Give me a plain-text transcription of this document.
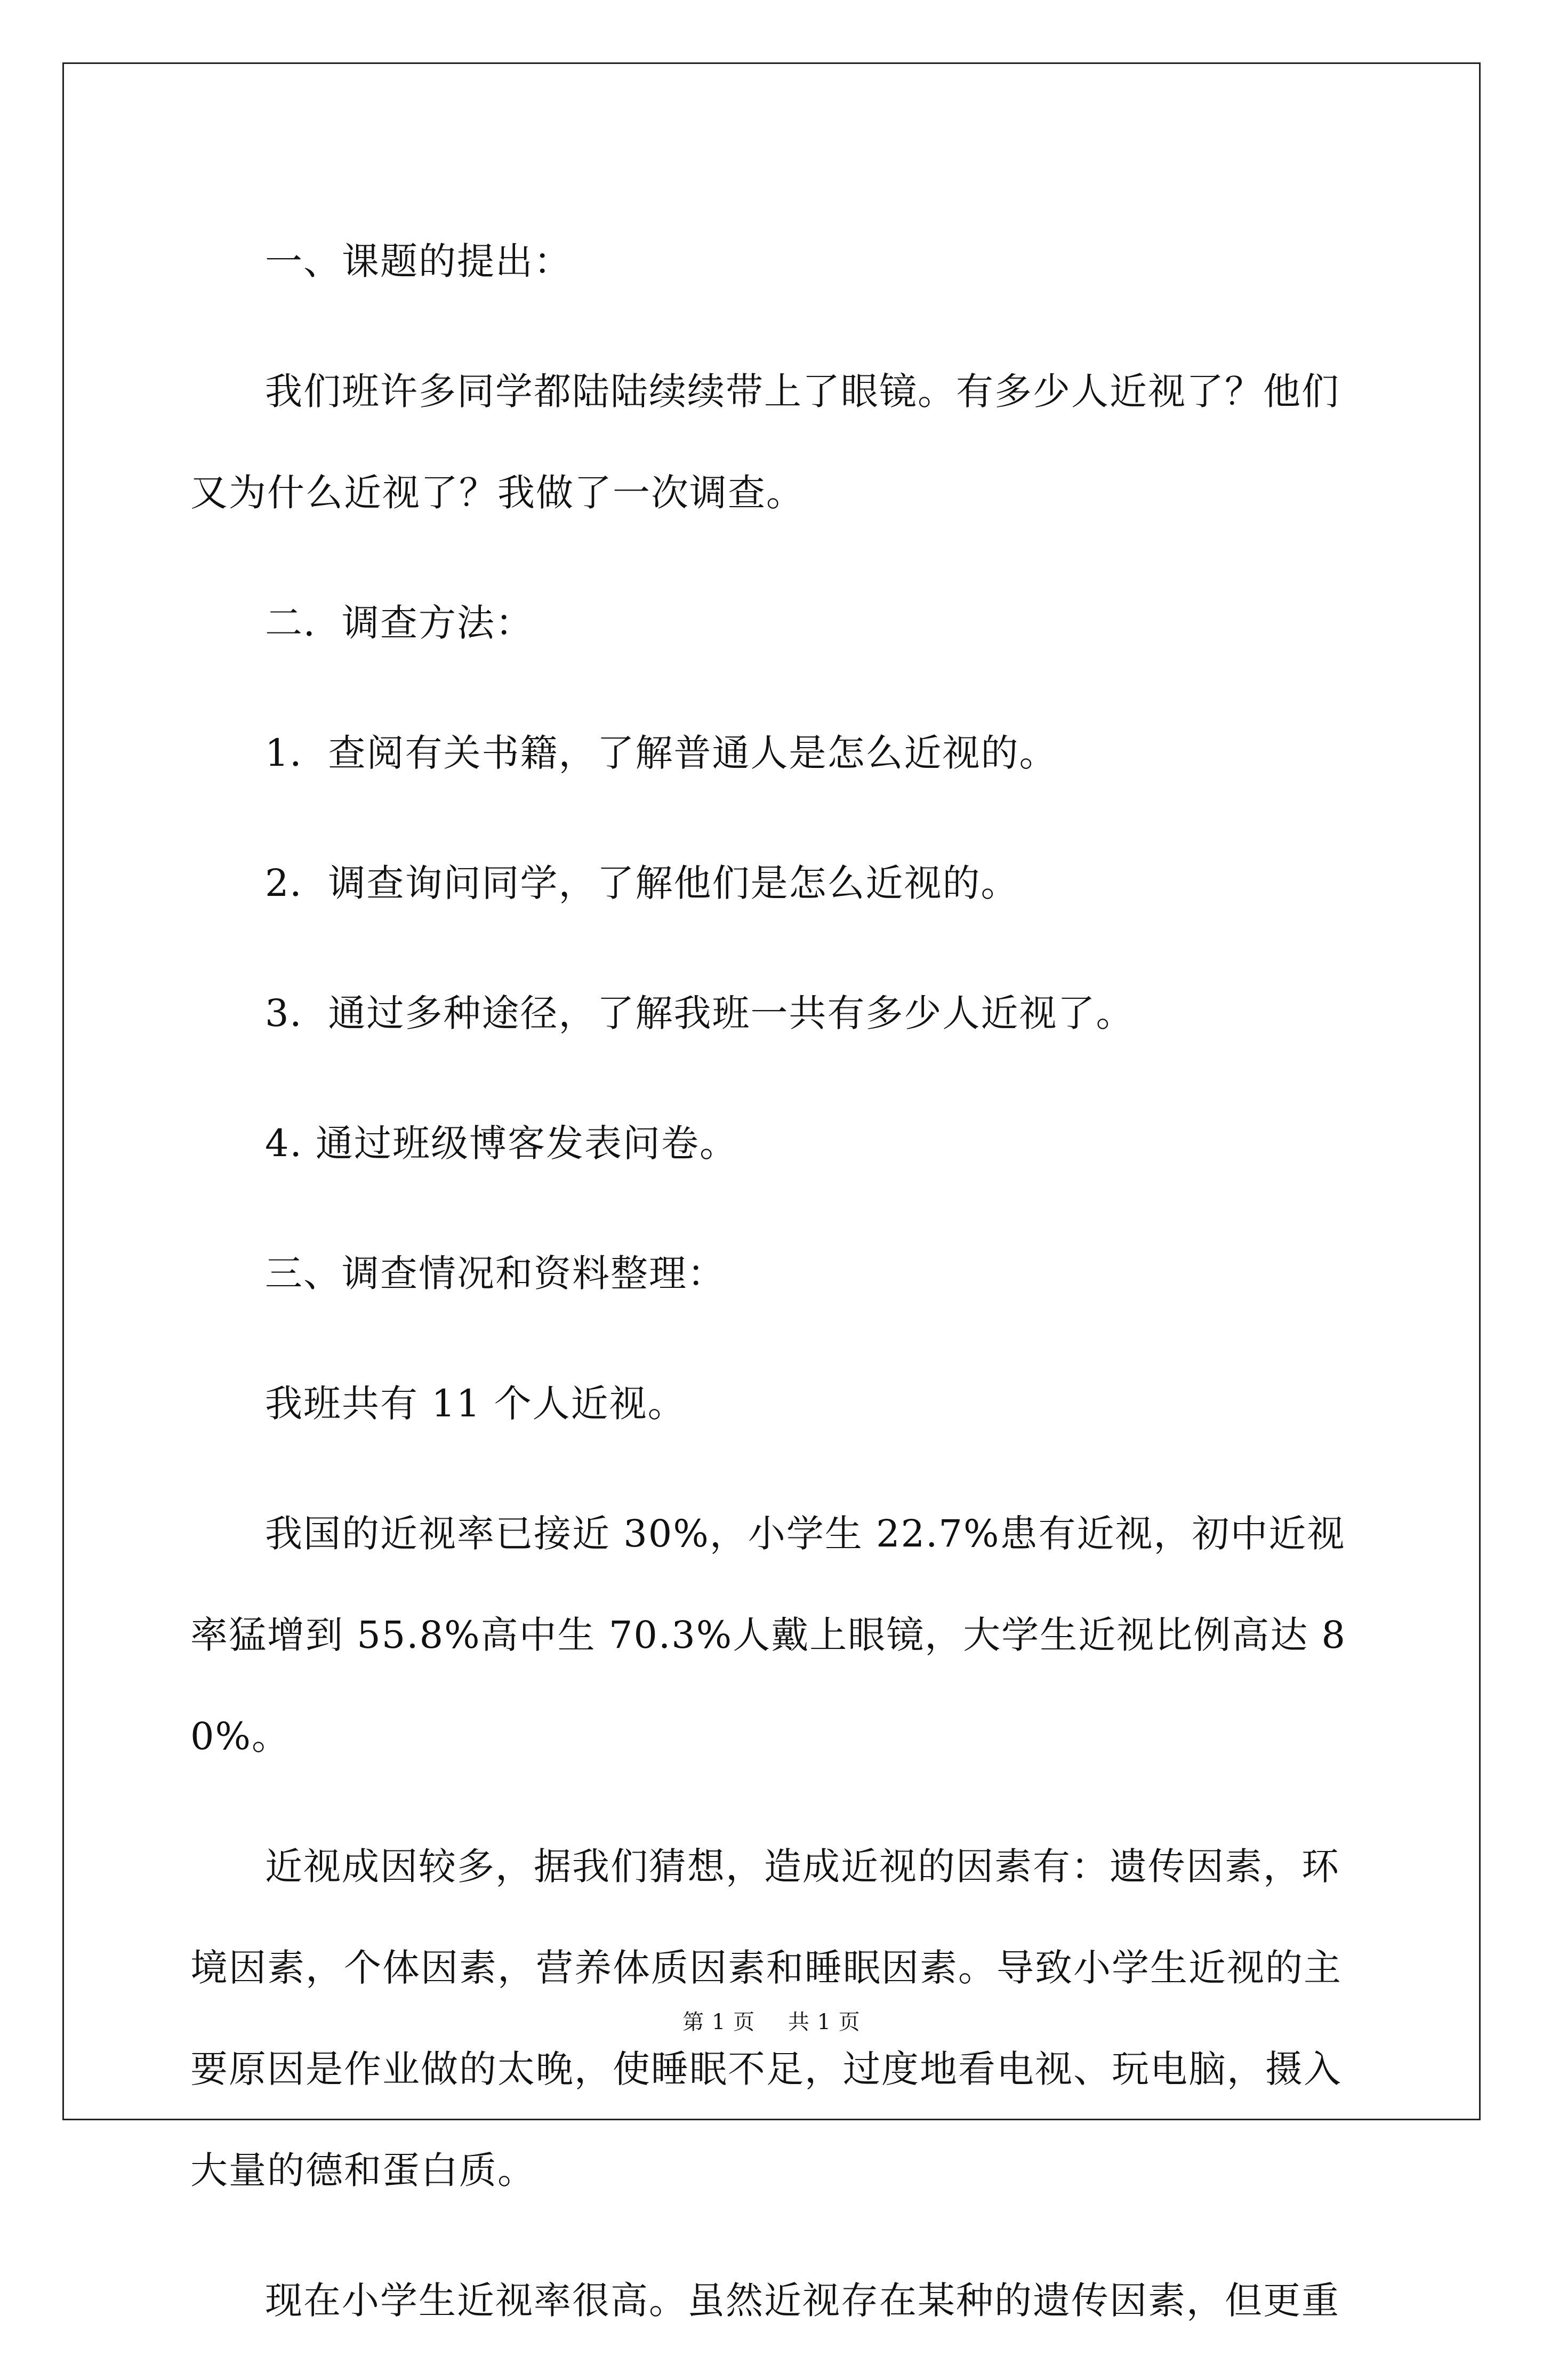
一、课题的提出：

我们班许多同学都陆陆续续带上了眼镜。有多少人近视了？他们又为什么近视了？我做了一次调查。

二．调查方法：

1．查阅有关书籍，了解普通人是怎么近视的。

2．调查询问同学，了解他们是怎么近视的。

3．通过多种途径，了解我班一共有多少人近视了。

4. 通过班级博客发表问卷。

三、调查情况和资料整理：

我班共有 11 个人近视。

我国的近视率已接近 30%，小学生 22.7%患有近视，初中近视率猛增到 55.8%高中生 70.3%人戴上眼镜，大学生近视比例高达 80%。

近视成因较多，据我们猜想，造成近视的因素有：遗传因素，环境因素，个体因素，营养体质因素和睡眠因素。导致小学生近视的主要原因是作业做的太晚，使睡眠不足，过度地看电视、玩电脑，摄入大量的德和蛋白质。

现在小学生近视率很高。虽然近视存在某种的遗传因素，但更重

第 1 页 共 1 页
